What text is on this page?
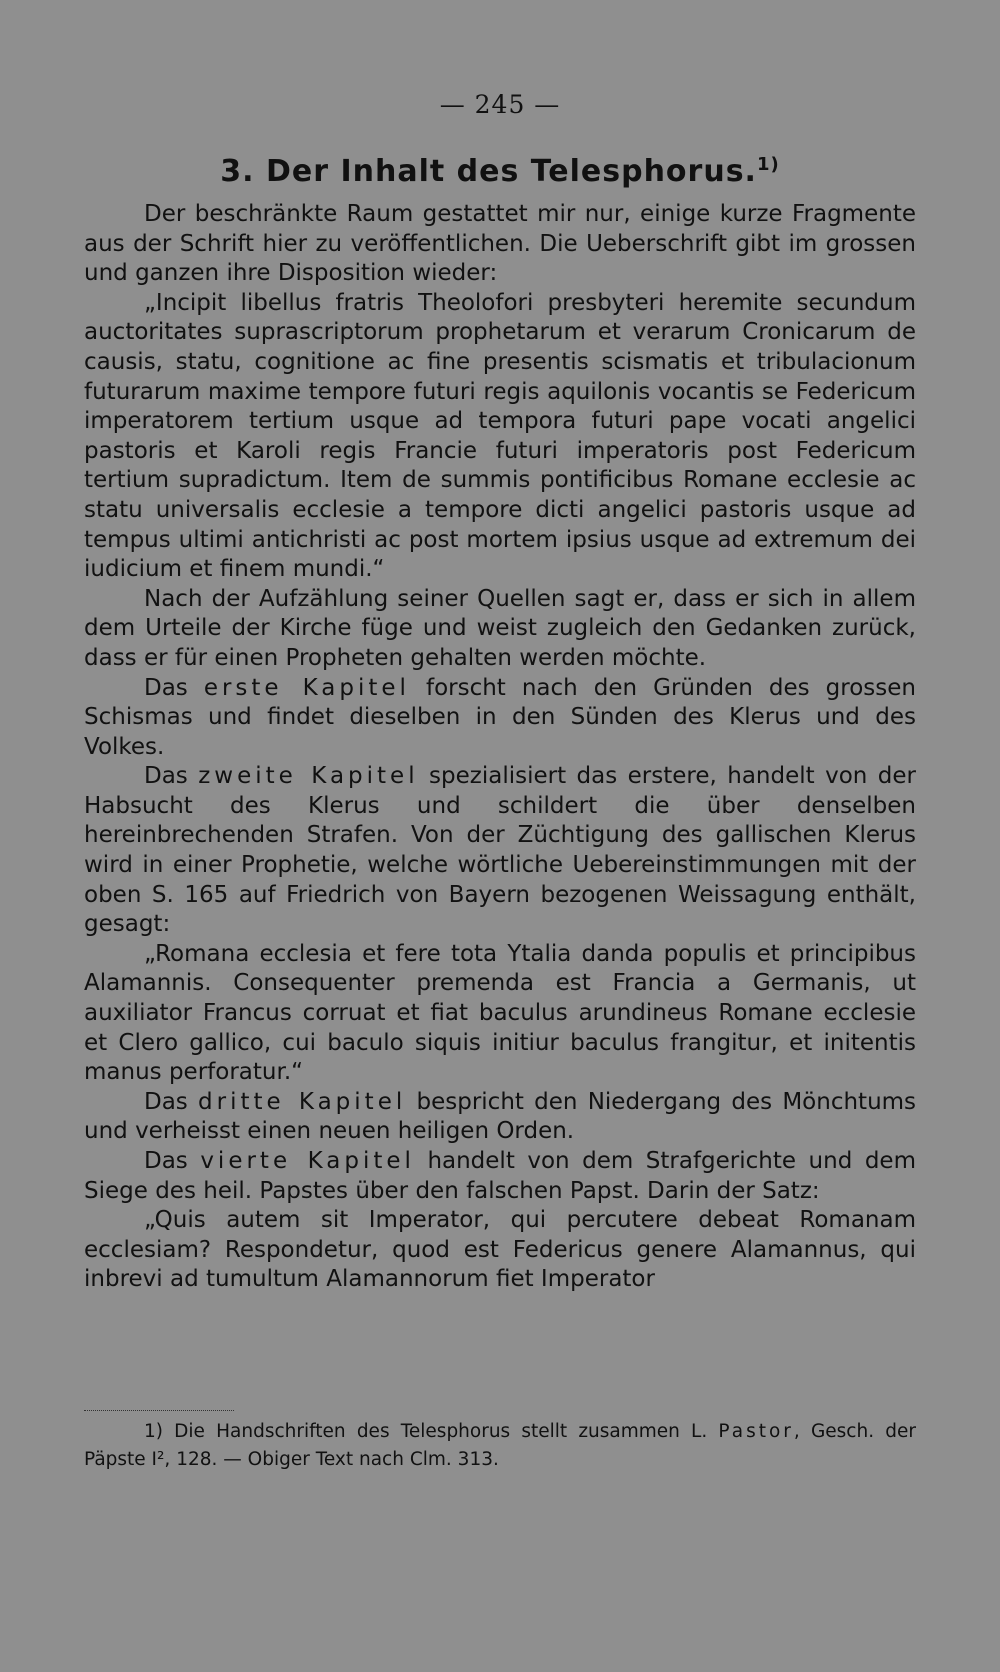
— 245 —
3. Der Inhalt des Telesphorus.$^{1)}$

Der beschränkte Raum gestattet mir nur, einige kurze Fragmente aus der Schrift hier zu veröffentlichen. Die Ueberschrift gibt im grossen und ganzen ihre Disposition wieder:

„Incipit libellus fratris Theolofori presbyteri heremite secundum auctoritates suprascriptorum prophetarum et verarum Cronicarum de causis, statu, cognitione ac fine presentis scismatis et tribulacionum futurarum maxime tempore futuri regis aquilonis vocantis se Federicum imperatorem tertium usque ad tempora futuri pape vocati angelici pastoris et Karoli regis Francie futuri imperatoris post Federicum tertium supradictum. Item de summis pontificibus Romane ecclesie ac statu universalis ecclesie a tempore dicti angelici pastoris usque ad tempus ultimi antichristi ac post mortem ipsius usque ad extremum dei iudicium et finem mundi.“

Nach der Aufzählung seiner Quellen sagt er, dass er sich in allem dem Urteile der Kirche füge und weist zugleich den Gedanken zurück, dass er für einen Propheten gehalten werden möchte.

Das erste Kapitel forscht nach den Gründen des grossen Schismas und findet dieselben in den Sünden des Klerus und des Volkes.

Das zweite Kapitel spezialisiert das erstere, handelt von der Habsucht des Klerus und schildert die über denselben hereinbrechenden Strafen. Von der Züchtigung des gallischen Klerus wird in einer Prophetie, welche wörtliche Uebereinstimmungen mit der oben S. 165 auf Friedrich von Bayern bezogenen Weissagung enthält, gesagt:

„Romana ecclesia et fere tota Ytalia danda populis et principibus Alamannis. Consequenter premenda est Francia a Germanis, ut auxiliator Francus corruat et fiat baculus arundineus Romane ecclesie et Clero gallico, cui baculo siquis initiur baculus frangitur, et initentis manus perforatur.“

Das dritte Kapitel bespricht den Niedergang des Mönchtums und verheisst einen neuen heiligen Orden.

Das vierte Kapitel handelt von dem Strafgerichte und dem Siege des heil. Papstes über den falschen Papst. Darin der Satz:

„Quis autem sit Imperator, qui percutere debeat Romanam ecclesiam? Respondetur, quod est Federicus genere Alamannus, qui inbrevi ad tumultum Alamannorum fiet Imperator

1) Die Handschriften des Telesphorus stellt zusammen L. Pastor, Gesch. der Päpste I², 128. — Obiger Text nach Clm. 313.
